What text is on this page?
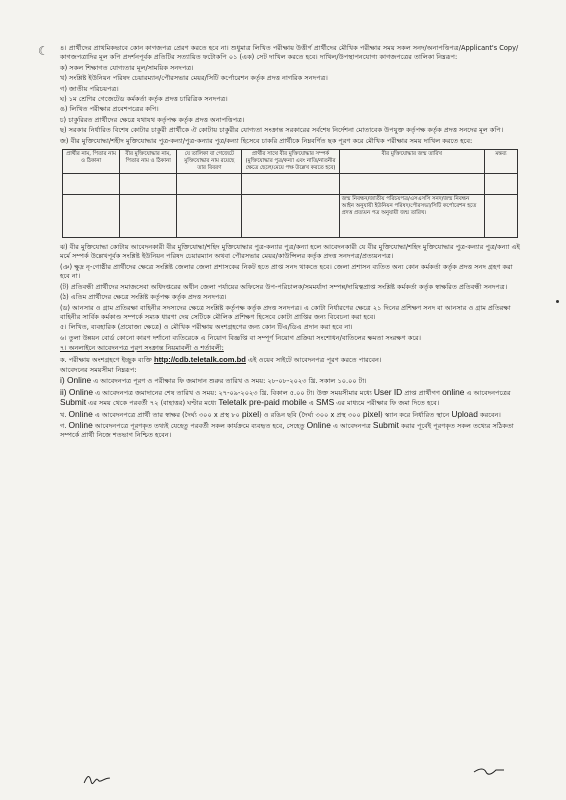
☾ ৪। প্রার্থীদের প্রাথমিকভাবে কোন কাগজপত্র প্রেরণ করতে হবে না। শুধুমাত্র লিখিত পরীক্ষায় উত্তীর্ণ প্রার্থীদের মৌখিক পরীক্ষার সময় সকল সনদ/অনাপত্তিপত্র/Applicant's Copy/কাগজপত্রাদির মূল কপি প্রদর্শনপূর্বক প্রতিটির সত্যায়িত ফটোকপি ০১ (এক) সেট দাখিল করতে হবে। দাখিল/উপস্থাপনযোগ্য কাগজপত্রের তালিকা নিম্নরূপ:

ক) সকল শিক্ষাগত যোগ্যতার মূল/সাময়িক সনদপত্র।

খ) সংশ্লিষ্ট ইউনিয়ন পরিষদ চেয়ারম্যান/পৌরসভার মেয়র/সিটি কর্পোরেশন কর্তৃক প্রদত্ত নাগরিক সনদপত্র।

গ) জাতীয় পরিচয়পত্র।

ঘ) ১ম শ্রেণির গেজেটেড কর্মকর্তা কর্তৃক প্রদত্ত চারিত্রিক সনদপত্র।

ঙ) লিখিত পরীক্ষার প্রবেশপত্রের কপি।

চ) চাকুরিরত প্রার্থীদের ক্ষেত্রে যথাযথ কর্তৃপক্ষ কর্তৃক প্রদত্ত অনাপত্তিপত্র।

ছ) সরকার নির্ধারিত বিশেষ কোটার চাকুরী প্রার্থীকে ঐ কোটায় চাকুরীর যোগ্যতা সংক্রান্ত সরকারের সর্বশেষ নির্দেশনা মোতাবেক উপযুক্ত কর্তৃপক্ষ কর্তৃক প্রদত্ত সনদের মূল কপি।

জ) বীর মুক্তিযোদ্ধা/শহীদ মুক্তিযোদ্ধার পুত্র-কন্যা/পুত্র-কন্যার পুত্র/কন্যা হিসেবে চাকরি প্রার্থীকে নিম্নবর্ণিত ছক পূরণ করে মৌখিক পরীক্ষার সময় দাখিল করতে হবে:

প্রার্থীর নাম, পিতার নাম ও ঠিকানা	বীর মুক্তিযোদ্ধার নাম, পিতার নাম ও ঠিকানা	যে তালিকা বা গেজেটে মুক্তিযোদ্ধার নাম রয়েছে তার বিবরণ	প্রার্থীর সাথে বীর মুক্তিযোদ্ধার সম্পর্ক (মুক্তিযোদ্ধার পুত্র/কন্যা এবং নাতি/নাতনীর ক্ষেত্রে ছেলে/মেয়ে পক্ষ উল্লেখ করতে হবে)	বীর মুক্তিযোদ্ধার জন্ম তারিখ	মন্তব্য

				জন্ম নিবন্ধন/জাতীয় পরিচয়পত্র/এসএসসি সনদ/জন্ম নিবন্ধন আইন অনুযায়ী ইউনিয়ন পরিষদ/পৌরসভা/সিটি কর্পোরেশন হতে প্রদত্ত প্রত্যয়ন পত্র অনুযায়ী জন্ম তারিখ।	

ঝ) বীর মুক্তিযোদ্ধা কোটায় আবেদনকারী বীর মুক্তিযোদ্ধা/শহিদ মুক্তিযোদ্ধার পুত্র-কন্যার পুত্র/কন্যা হলে আবেদনকারী যে বীর মুক্তিযোদ্ধা/শহিদ মুক্তিযোদ্ধার পুত্র-কন্যার পুত্র/কন্যা এই মর্মে সম্পর্ক উল্লেখপূর্বক সংশ্লিষ্ট ইউনিয়ন পরিষদ চেয়ারম্যান অথবা পৌরসভার মেয়র/কাউন্সিলর কর্তৃক প্রদত্ত সনদপত্র/প্রত্যয়নপত্র।

(ঞ) ক্ষুদ্র নৃ-গোষ্ঠীর প্রার্থীদের ক্ষেত্রে সংশ্লিষ্ট জেলার জেলা প্রশাসকের নিকট হতে প্রাপ্ত সনদ থাকতে হবে। জেলা প্রশাসন ব্যতিত অন্য কোন কর্মকর্তা কর্তৃক প্রদত্ত সনদ গ্রহণ করা হবে না।

(ট) প্রতিবন্ধী প্রার্থীদের সমাজসেবা অধিদপ্তরের অধীন জেলা পর্যায়ের অফিসের উপ-পরিচালক/সমমর্যাদা সম্পন্ন/দায়িত্বপ্রাপ্ত সংশ্লিষ্ট কর্মকর্তা কর্তৃক স্বাক্ষরিত প্রতিবন্ধী সনদপত্র।

(ঠ) এতিম প্রার্থীদের ক্ষেত্রে সংশ্লিষ্ট কর্তৃপক্ষ কর্তৃক প্রদত্ত সনদপত্র।

(ড) আনসার ও গ্রাম প্রতিরক্ষা বাহিনীর সদস্যদের ক্ষেত্রে সংশ্লিষ্ট কর্তৃপক্ষ কর্তৃক প্রদত্ত সনদপত্র। এ কোটা নির্ধারণের ক্ষেত্রে ২১ দিনের প্রশিক্ষণ সনদ বা আনসার ও গ্রাম প্রতিরক্ষা বাহিনীর সার্বিক কর্মকাণ্ড সম্পর্কে সম্যক ধারণা দেয় সেটিকে মৌলিক প্রশিক্ষণ হিসেবে কোটা প্রাপ্তির জন্য বিবেচনা করা হবে।

৫। লিখিত, ব্যবহারিক (প্রযোজ্য ক্ষেত্রে) ও মৌখিক পরীক্ষায় অংশগ্রহণের জন্য কোন টিএ/ডিএ প্রদান করা হবে না।

৬। তুলা উন্নয়ন বোর্ড কোনো কারণ দর্শানো ব্যতিরেকে এ নিয়োগ বিজ্ঞপ্তি বা সম্পূর্ণ নিয়োগ প্রক্রিয়া সংশোধন/বাতিলের ক্ষমতা সংরক্ষণ করে।

৭। অনলাইনে আবেদনপত্র পূরণ সংক্রান্ত নিয়মাবলী ও শর্তাবলী:

ক. পরীক্ষায় অংশগ্রহণে ইচ্ছুক ব্যক্তি http://cdb.teletalk.com.bd এই ওয়েব সাইটে আবেদনপত্র পূরণ করতে পারবেন।

আবেদনের সময়সীমা নিম্নরূপ:

i) Online এ আবেদনপত্র পূরণ ও পরীক্ষার ফি জমাদান শুরুর তারিখ ও সময়: ২৮-০৮-২০২৩ খ্রি. সকাল ১০.০০ টা।

ii) Online এ আবেদনপত্র জমাদানের শেষ তারিখ ও সময়: ২৭-০৯-২০২৩ খ্রি. বিকাল ৫.০০ টা। উক্ত সময়সীমার মধ্যে User ID প্রাপ্ত প্রার্থীগণ online এ আবেদনপত্রের Submit এর সময় থেকে পরবর্তী ৭২ (বাহাত্তর) ঘণ্টার মধ্যে Teletalk pre-paid mobile এ SMS এর মাধ্যমে পরীক্ষার ফি জমা দিতে হবে।

খ. Online এ আবেদনপত্রে প্রার্থী তার স্বাক্ষর (দৈর্ঘ্য ৩০০ x প্রস্থ ৮০ pixel) ও রঙিন ছবি (দৈর্ঘ্য ৩০০ x প্রস্থ ৩০০ pixel) স্ক্যান করে নির্ধারিত স্থানে Upload করবেন।

গ. Online আবেদনপত্রে পূরণকৃত তথ্যই যেহেতু পরবর্তী সকল কার্যক্রমে ব্যবহৃত হবে, সেহেতু Online এ আবেদনপত্র Submit করার পূর্বেই পূরণকৃত সকল তথ্যের সঠিকতা সম্পর্কে প্রার্থী নিজে শতভাগ নিশ্চিত হবেন।
